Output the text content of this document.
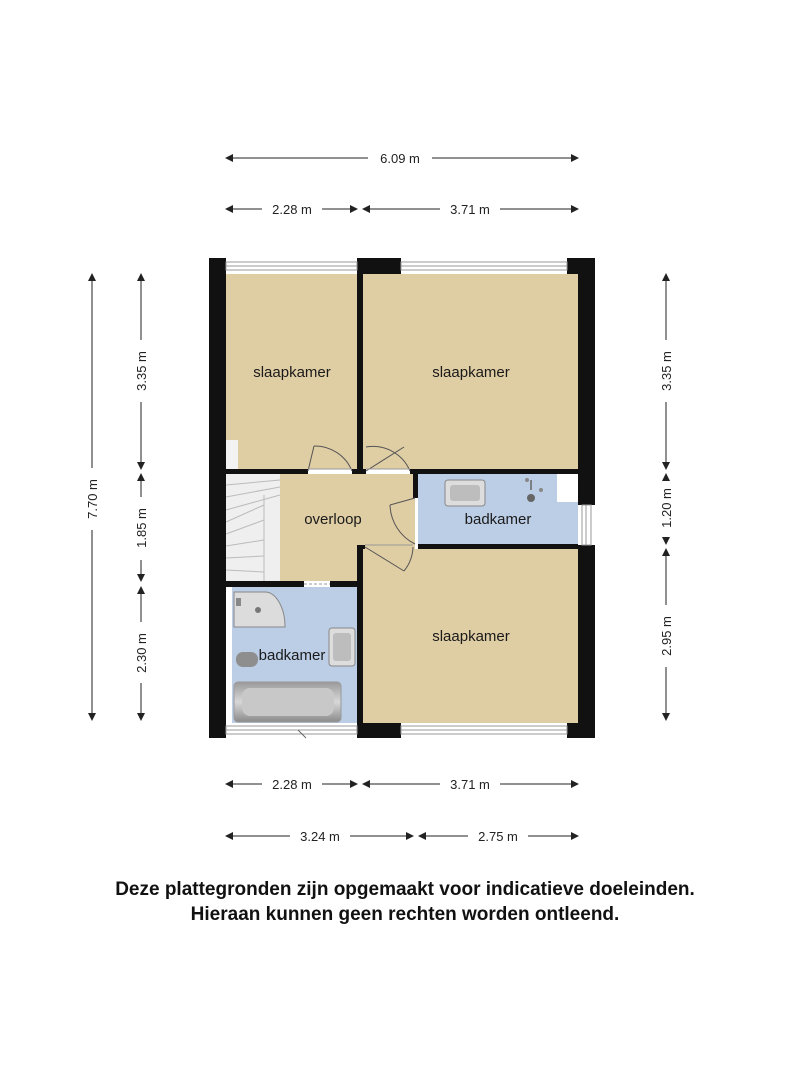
slaapkamer	slaapkamer
overloop	badkamer
badkamer
slaapkamer
6.09 m
2.28 m	3.71 m
2.28 m	3.71 m
3.24 m	2.75 m
7.70 m
3.35 m
1.85 m
2.30 m
3.35 m
1.20 m
2.95 m
Deze plattegronden zijn opgemaakt voor indicatieve doeleinden.
Hieraan kunnen geen rechten worden ontleend.
